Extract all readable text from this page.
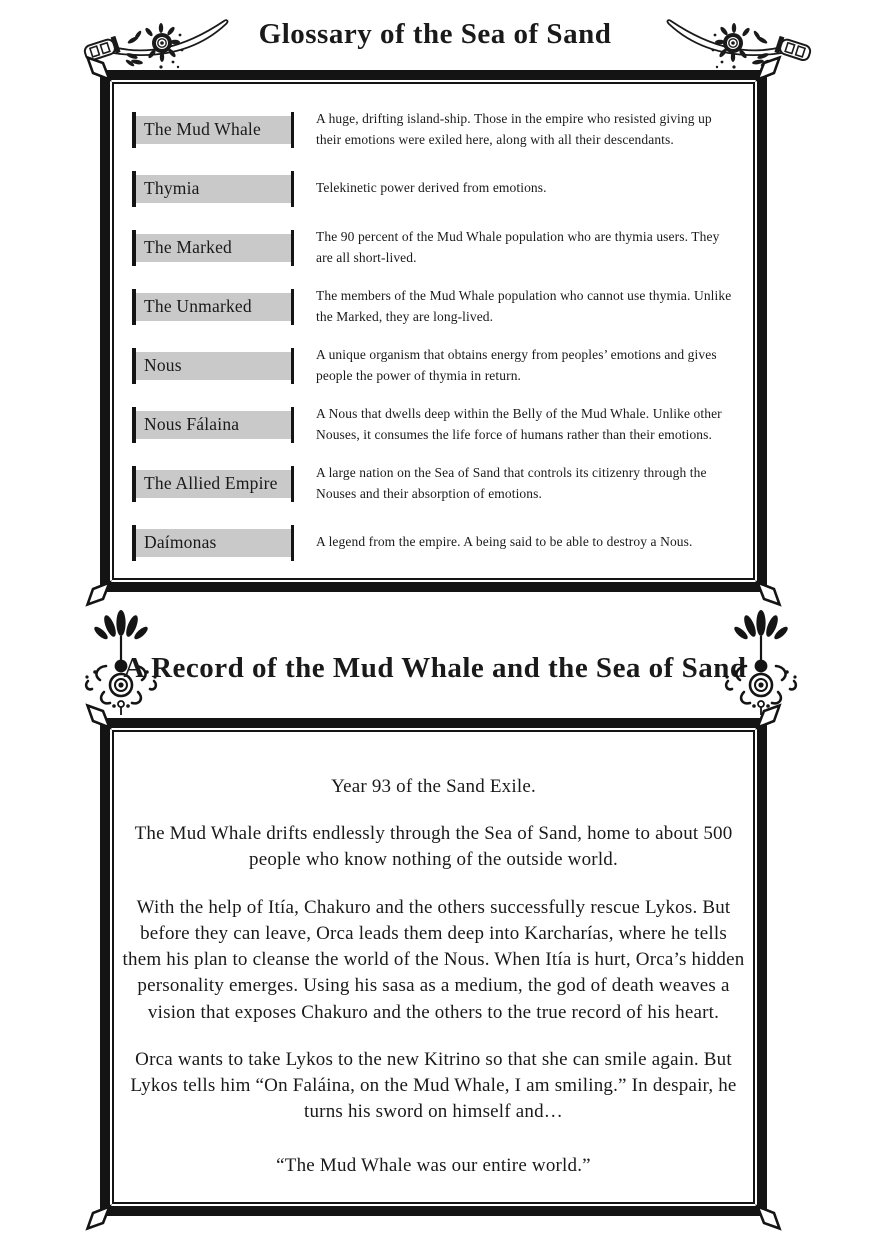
Glossary of the Sea of Sand
The Mud Whale
A huge, drifting island-ship. Those in the empire who resisted giving up their emotions were exiled here, along with all their descendants.
Thymia	Telekinetic power derived from emotions.
The Marked
The 90 percent of the Mud Whale population who are thymia users. They are all short-lived.
The Unmarked
The members of the Mud Whale population who cannot use thymia. Unlike the Marked, they are long-lived.
Nous
A unique organism that obtains energy from peoples’ emotions and gives people the power of thymia in return.
Nous Fálaina
A Nous that dwells deep within the Belly of the Mud Whale. Unlike other Nouses, it consumes the life force of humans rather than their emotions.
The Allied Empire
A large nation on the Sea of Sand that controls its citizenry through the Nouses and their absorption of emotions.
Daímonas	A legend from the empire. A being said to be able to destroy a Nous.
A Record of the Mud Whale and the Sea of Sand

Year 93 of the Sand Exile.

The Mud Whale drifts endlessly through the Sea of Sand, home to about 500 people who know nothing of the outside world.

With the help of Itía, Chakuro and the others successfully rescue Lykos. But before they can leave, Orca leads them deep into Karcharías, where he tells them his plan to cleanse the world of the Nous. When Itía is hurt, Orca’s hidden personality emerges. Using his sasa as a medium, the god of death weaves a vision that exposes Chakuro and the others to the true record of his heart.

Orca wants to take Lykos to the new Kitrino so that she can smile again. But Lykos tells him “On Faláina, on the Mud Whale, I am smiling.” In despair, he turns his sword on himself and…

“The Mud Whale was our entire world.”
